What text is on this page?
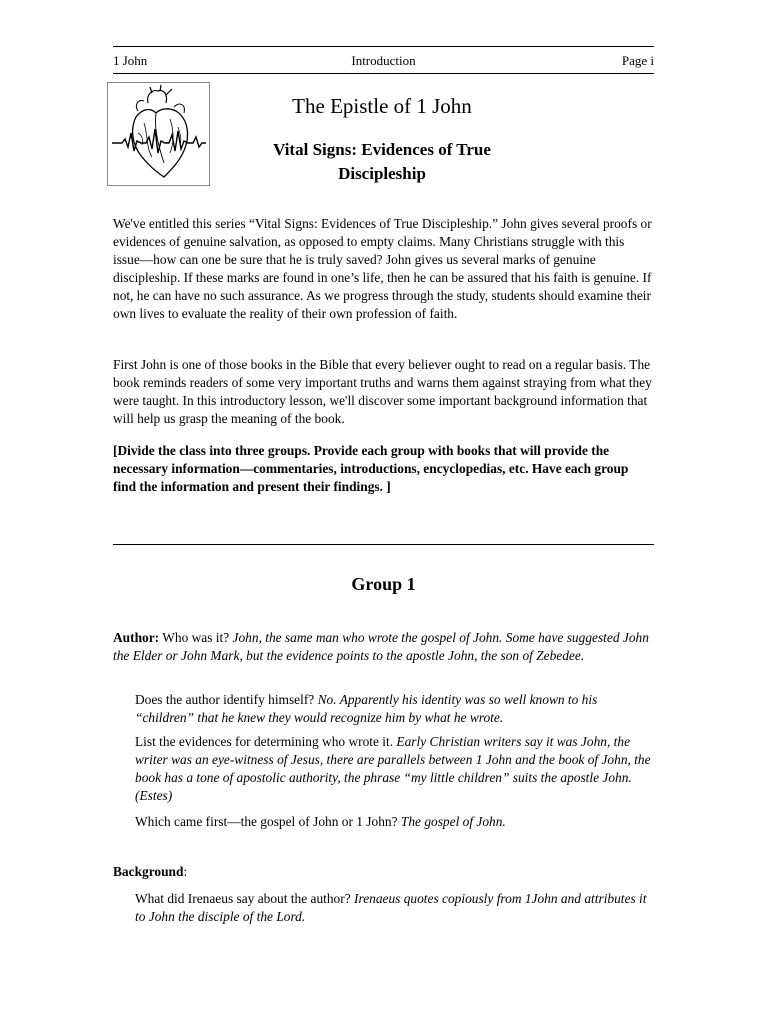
1 John	Introduction	Page i
The Epistle of 1 John
Vital Signs: Evidences of True
Discipleship
We've entitled this series “Vital Signs: Evidences of True Discipleship.” John gives several proofs or evidences of genuine salvation, as opposed to empty claims. Many Christians struggle with this issue—how can one be sure that he is truly saved? John gives us several marks of genuine discipleship. If these marks are found in one’s life, then he can be assured that his faith is genuine. If not, he can have no such assurance. As we progress through the study, students should examine their own lives to evaluate the reality of their own profession of faith.
First John is one of those books in the Bible that every believer ought to read on a regular basis. The book reminds readers of some very important truths and warns them against straying from what they were taught. In this introductory lesson, we'll discover some important background information that will help us grasp the meaning of the book.
[Divide the class into three groups. Provide each group with books that will provide the necessary information—commentaries, introductions, encyclopedias, etc. Have each group find the information and present their findings. ]
Group 1
Author: Who was it? John, the same man who wrote the gospel of John. Some have suggested John the Elder or John Mark, but the evidence points to the apostle John, the son of Zebedee.
Does the author identify himself? No. Apparently his identity was so well known to his “children” that he knew they would recognize him by what he wrote.
List the evidences for determining who wrote it. Early Christian writers say it was John, the writer was an eye-witness of Jesus, there are parallels between 1 John and the book of John, the book has a tone of apostolic authority, the phrase “my little children” suits the apostle John. (Estes)
Which came first—the gospel of John or 1 John? The gospel of John.
Background:
What did Irenaeus say about the author? Irenaeus quotes copiously from 1John and attributes it to John the disciple of the Lord.
